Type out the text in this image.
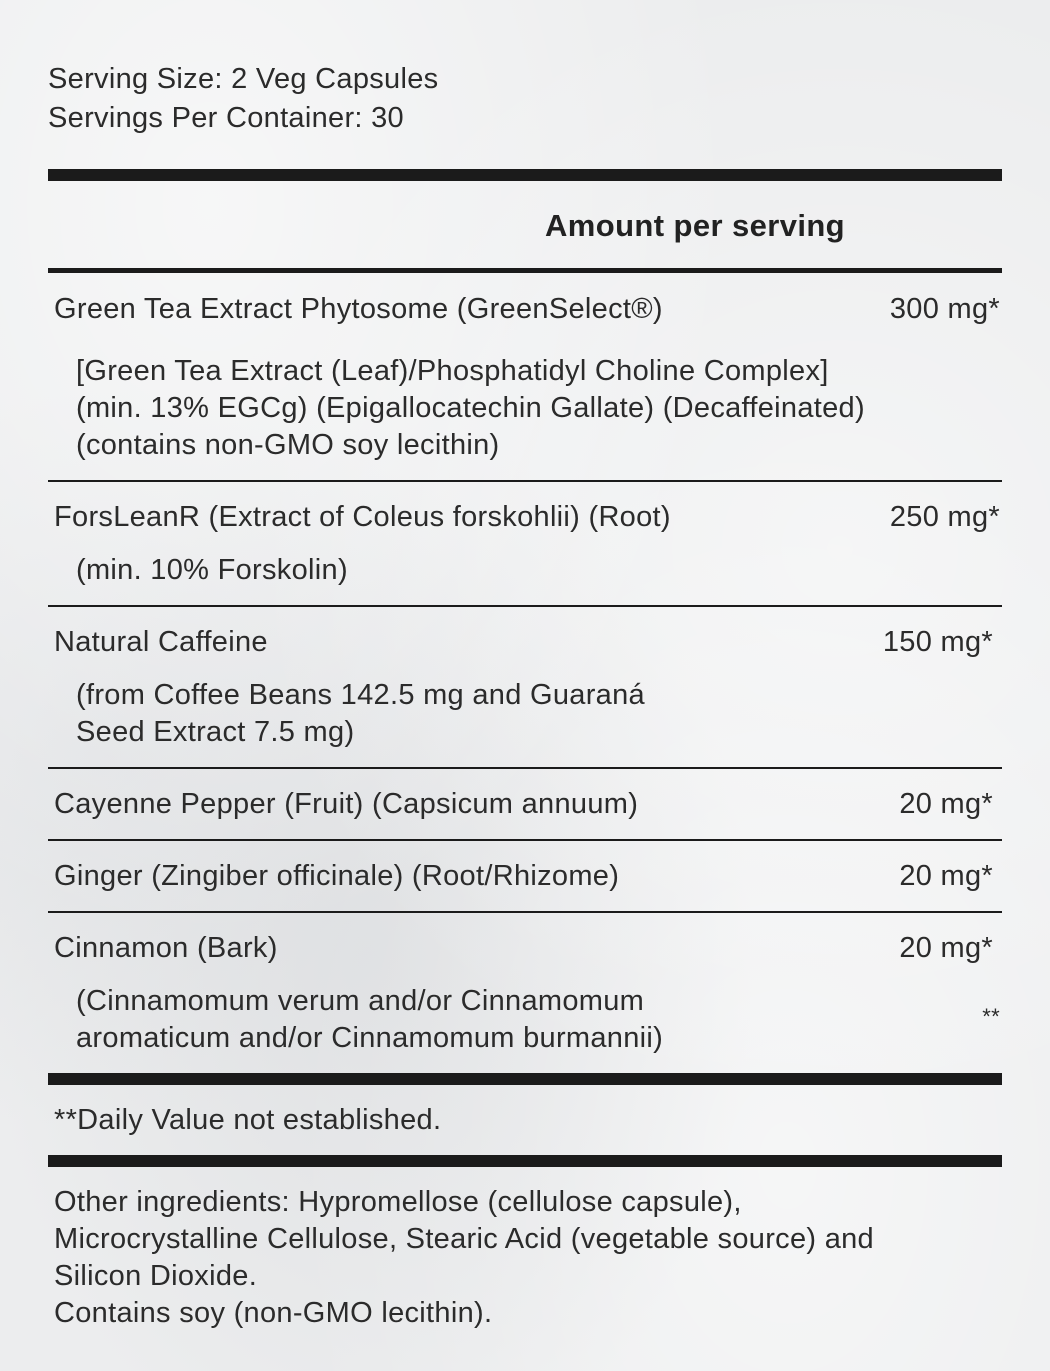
Serving Size: 2 Veg Capsules
Servings Per Container: 30
Amount per serving
Green Tea Extract Phytosome (GreenSelect®)	300 mg*
[Green Tea Extract (Leaf)/Phosphatidyl Choline Complex]
(min. 13% EGCg) (Epigallocatechin Gallate) (Decaffeinated)
(contains non-GMO soy lecithin)
ForsLeanR (Extract of Coleus forskohlii) (Root)	250 mg*
(min. 10% Forskolin)
Natural Caffeine	150 mg*
(from Coffee Beans 142.5 mg and Guaraná
Seed Extract 7.5 mg)
Cayenne Pepper (Fruit) (Capsicum annuum)	20 mg*
Ginger (Zingiber officinale) (Root/Rhizome)	20 mg*
Cinnamon (Bark)	20 mg*
(Cinnamomum verum and/or Cinnamomum	**
aromaticum and/or Cinnamomum burmannii)
**Daily Value not established.
Other ingredients: Hypromellose (cellulose capsule),
Microcrystalline Cellulose, Stearic Acid (vegetable source) and
Silicon Dioxide.
Contains soy (non-GMO lecithin).
